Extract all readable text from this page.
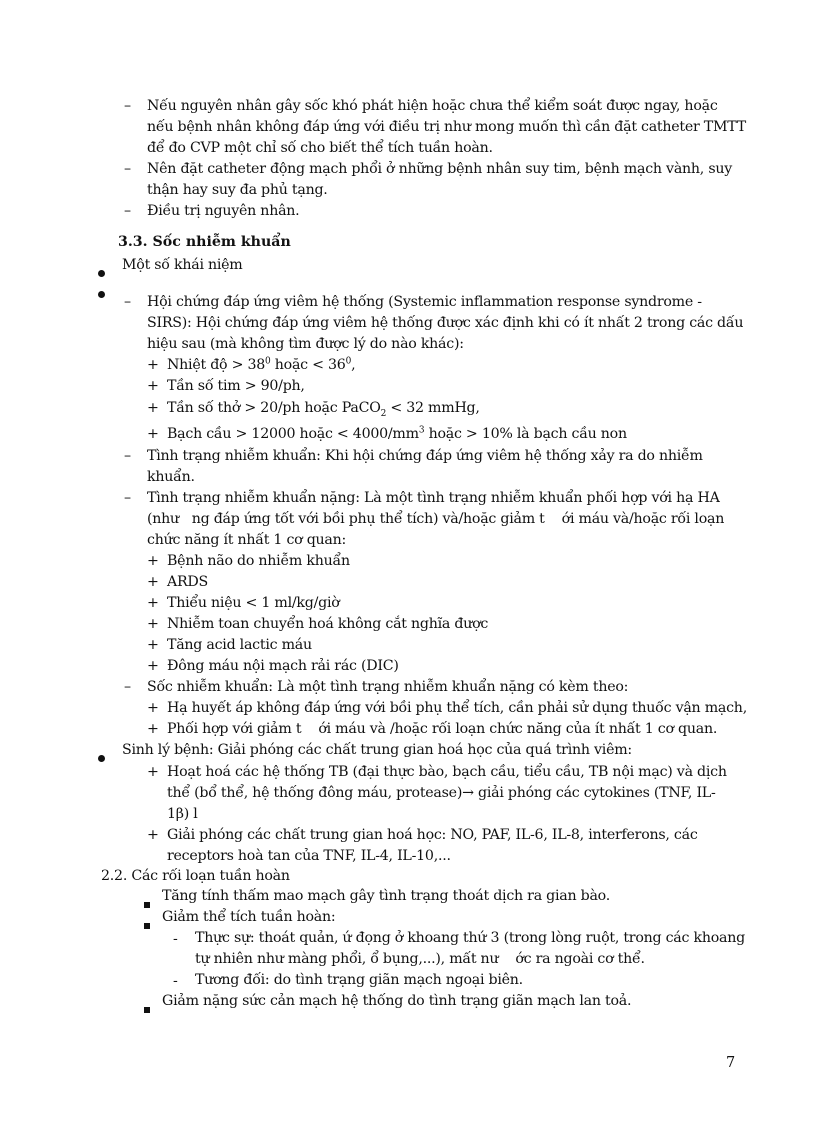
– Nếu nguyên nhân gây sốc khó phát hiện hoặc chưa thể kiểm soát được ngay, hoặc
nếu bệnh nhân không đáp ứng với điều trị như mong muốn thì cần đặt catheter TMTT
để đo CVP một chỉ số cho biết thể tích tuần hoàn.
– Nên đặt catheter động mạch phổi ở những bệnh nhân suy tim, bệnh mạch vành, suy
thận hay suy đa phủ tạng.
– Điều trị nguyên nhân.
3.3. Sốc nhiễm khuẩn
Một số khái niệm
– Hội chứng đáp ứng viêm hệ thống (Systemic inflammation response syndrome -
SIRS): Hội chứng đáp ứng viêm hệ thống được xác định khi có ít nhất 2 trong các dấu
hiệu sau (mà không tìm được lý do nào khác):
+ Nhiệt độ > $38^0$ hoặc < $36^0$,
+ Tần số tim > 90/ph,
+ Tần số thở > 20/ph hoặc PaCO$_2$ < 32 mmHg,
+ Bạch cầu > 12000 hoặc < $4000/mm^3$ hoặc > 10% là bạch cầu non
– Tình trạng nhiễm khuẩn: Khi hội chứng đáp ứng viêm hệ thống xảy ra do nhiễm
khuẩn.
– Tình trạng nhiễm khuẩn nặng: Là một tình trạng nhiễm khuẩn phối hợp với hạ HA
(như   ng đáp ứng tốt với bồi phụ thể tích) và/hoặc giảm t    ới máu và/hoặc rối loạn
chức năng ít nhất 1 cơ quan:
+ Bệnh não do nhiễm khuẩn
+ ARDS
+ Thiểu niệu < 1 ml/kg/giờ
+ Nhiễm toan chuyển hoá không cắt nghĩa được
+ Tăng acid lactic máu
+ Đông máu nội mạch rải rác (DIC)
– Sốc nhiễm khuẩn: Là một tình trạng nhiễm khuẩn nặng có kèm theo:
+ Hạ huyết áp không đáp ứng với bồi phụ thể tích, cần phải sử dụng thuốc vận mạch,
+ Phối hợp với giảm t    ới máu và /hoặc rối loạn chức năng của ít nhất 1 cơ quan.
Sinh lý bệnh: Giải phóng các chất trung gian hoá học của quá trình viêm:
+ Hoạt hoá các hệ thống TB (đại thực bào, bạch cầu, tiểu cầu, TB nội mạc) và dịch
thể (bổ thể, hệ thống đông máu, protease)→ giải phóng các cytokines (TNF, IL-
1β) l
+ Giải phóng các chất trung gian hoá học: NO, PAF, IL-6, IL-8, interferons, các
receptors hoà tan của TNF, IL-4, IL-10,...
2.2. Các rối loạn tuần hoàn
Tăng tính thấm mao mạch gây tình trạng thoát dịch ra gian bào.
Giảm thể tích tuần hoàn:
- Thực sự: thoát quản, ứ đọng ở khoang thứ 3 (trong lòng ruột, trong các khoang
tự nhiên như màng phổi, ổ bụng,...), mất nư    ớc ra ngoài cơ thể.
- Tương đối: do tình trạng giãn mạch ngoại biên.
Giảm nặng sức cản mạch hệ thống do tình trạng giãn mạch lan toả.
7
